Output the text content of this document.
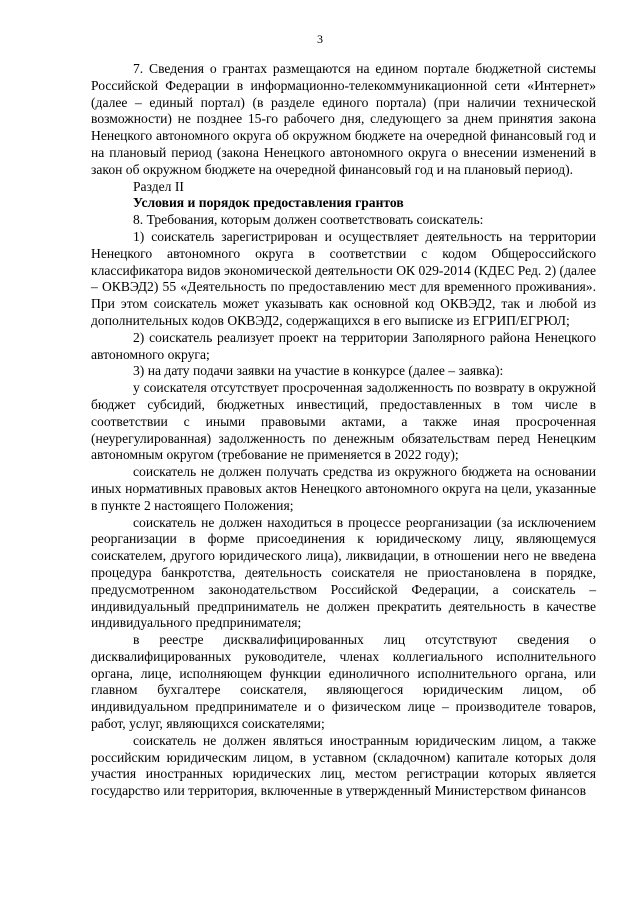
3

7. Сведения о грантах размещаются на едином портале бюджетной системы Российской Федерации в информационно-телекоммуникационной сети «Интернет» (далее – единый портал) (в разделе единого портала) (при наличии технической возможности) не позднее 15-го рабочего дня, следующего за днем принятия закона Ненецкого автономного округа об окружном бюджете на очередной финансовый год и на плановый период (закона Ненецкого автономного округа о внесении изменений в закон об окружном бюджете на очередной финансовый год и на плановый период).

Раздел II

Условия и порядок предоставления грантов

8. Требования, которым должен соответствовать соискатель:

1) соискатель зарегистрирован и осуществляет деятельность на территории Ненецкого автономного округа в соответствии с кодом Общероссийского классификатора видов экономической деятельности ОК 029-2014 (КДЕС Ред. 2) (далее – ОКВЭД2) 55 «Деятельность по предоставлению мест для временного проживания». При этом соискатель может указывать как основной код ОКВЭД2, так и любой из дополнительных кодов ОКВЭД2, содержащихся в его выписке из ЕГРИП/ЕГРЮЛ;

2) соискатель реализует проект на территории Заполярного района Ненецкого автономного округа;

3) на дату подачи заявки на участие в конкурсе (далее – заявка):

у соискателя отсутствует просроченная задолженность по возврату в окружной бюджет субсидий, бюджетных инвестиций, предоставленных в том числе в соответствии с иными правовыми актами, а также иная просроченная (неурегулированная) задолженность по денежным обязательствам перед Ненецким автономным округом (требование не применяется в 2022 году);

соискатель не должен получать средства из окружного бюджета на основании иных нормативных правовых актов Ненецкого автономного округа на цели, указанные в пункте 2 настоящего Положения;

соискатель не должен находиться в процессе реорганизации (за исключением реорганизации в форме присоединения к юридическому лицу, являющемуся соискателем, другого юридического лица), ликвидации, в отношении него не введена процедура банкротства, деятельность соискателя не приостановлена в порядке, предусмотренном законодательством Российской Федерации, а соискатель – индивидуальный предприниматель не должен прекратить деятельность в качестве индивидуального предпринимателя;

в реестре дисквалифицированных лиц отсутствуют сведения о дисквалифицированных руководителе, членах коллегиального исполнительного органа, лице, исполняющем функции единоличного исполнительного органа, или главном бухгалтере соискателя, являющегося юридическим лицом, об индивидуальном предпринимателе и о физическом лице – производителе товаров, работ, услуг, являющихся соискателями;

соискатель не должен являться иностранным юридическим лицом, а также российским юридическим лицом, в уставном (складочном) капитале которых доля участия иностранных юридических лиц, местом регистрации которых является государство или территория, включенные в утвержденный Министерством финансов
